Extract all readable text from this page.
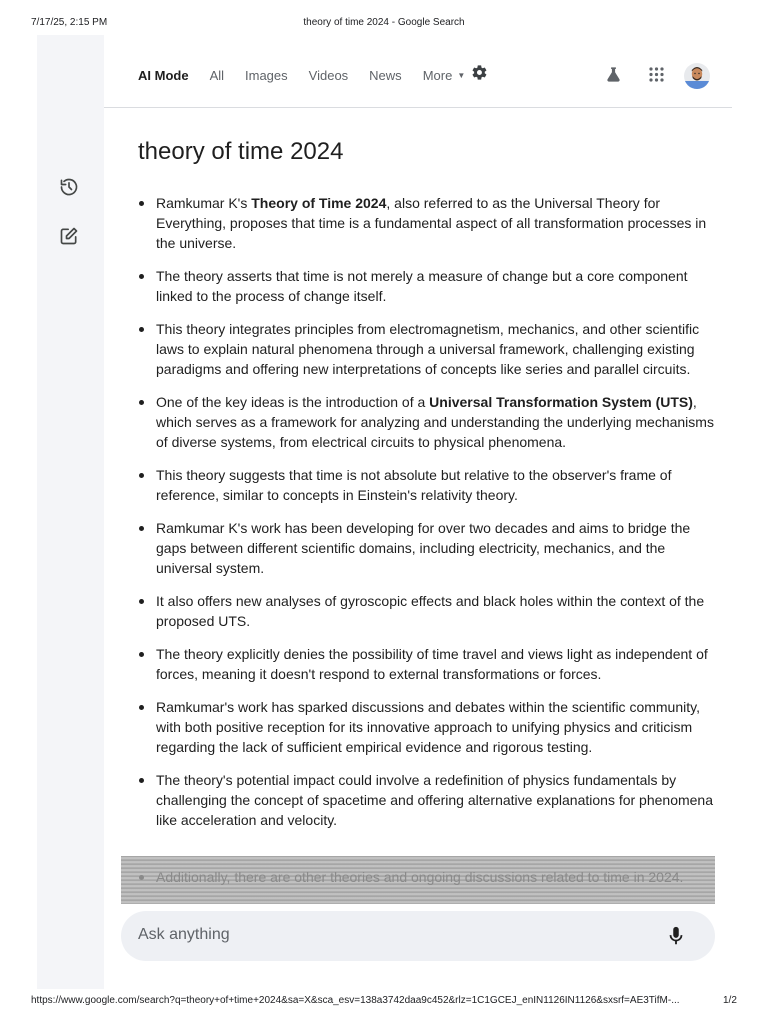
7/17/25, 2:15 PM	theory of time 2024 - Google Search
AI Mode All Images Videos News More ▼
theory of time 2024
Ramkumar K's Theory of Time 2024, also referred to as the Universal Theory for Everything, proposes that time is a fundamental aspect of all transformation processes in the universe.
The theory asserts that time is not merely a measure of change but a core component linked to the process of change itself.
This theory integrates principles from electromagnetism, mechanics, and other scientific laws to explain natural phenomena through a universal framework, challenging existing paradigms and offering new interpretations of concepts like series and parallel circuits.
One of the key ideas is the introduction of a Universal Transformation System (UTS), which serves as a framework for analyzing and understanding the underlying mechanisms of diverse systems, from electrical circuits to physical phenomena.
This theory suggests that time is not absolute but relative to the observer's frame of reference, similar to concepts in Einstein's relativity theory.
Ramkumar K's work has been developing for over two decades and aims to bridge the gaps between different scientific domains, including electricity, mechanics, and the universal system.
It also offers new analyses of gyroscopic effects and black holes within the context of the proposed UTS.
The theory explicitly denies the possibility of time travel and views light as independent of forces, meaning it doesn't respond to external transformations or forces.
Ramkumar's work has sparked discussions and debates within the scientific community, with both positive reception for its innovative approach to unifying physics and criticism regarding the lack of sufficient empirical evidence and rigorous testing.
The theory's potential impact could involve a redefinition of physics fundamentals by challenging the concept of spacetime and offering alternative explanations for phenomena like acceleration and velocity.
Additionally, there are other theories and ongoing discussions related to time in 2024.
Ask anything
https://www.google.com/search?q=theory+of+time+2024&sa=X&sca_esv=138a3742daa9c452&rlz=1C1GCEJ_enIN1126IN1126&sxsrf=AE3TifM-...	1/2
